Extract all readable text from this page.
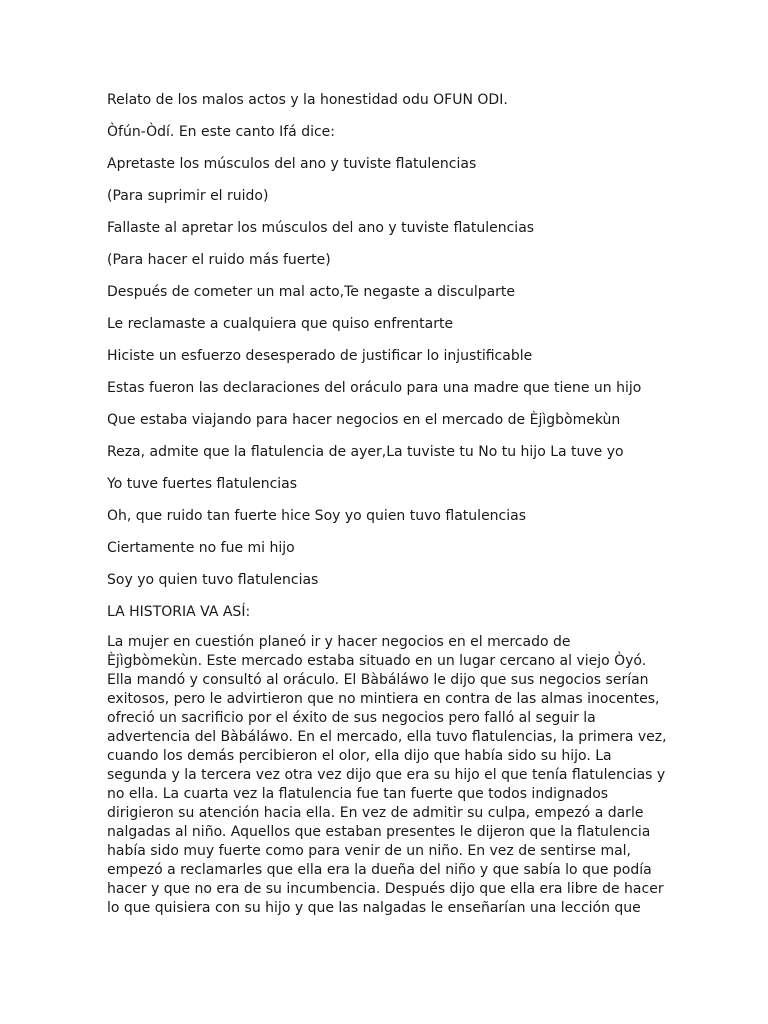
Relato de los malos actos y la honestidad odu OFUN ODI.
Òfún-Òdí. En este canto Ifá dice:
Apretaste los músculos del ano y tuviste flatulencias
(Para suprimir el ruido)
Fallaste al apretar los músculos del ano y tuviste flatulencias
(Para hacer el ruido más fuerte)
Después de cometer un mal acto,Te negaste a disculparte
Le reclamaste a cualquiera que quiso enfrentarte
Hiciste un esfuerzo desesperado de justificar lo injustificable
Estas fueron las declaraciones del oráculo para una madre que tiene un hijo
Que estaba viajando para hacer negocios en el mercado de Èjìgbòmekùn
Reza, admite que la flatulencia de ayer,La tuviste tu No tu hijo La tuve yo
Yo tuve fuertes flatulencias
Oh, que ruido tan fuerte hice Soy yo quien tuvo flatulencias
Ciertamente no fue mi hijo
Soy yo quien tuvo flatulencias
LA HISTORIA VA ASÍ:
La mujer en cuestión planeó ir y hacer negocios en el mercado de
Èjìgbòmekùn. Este mercado estaba situado en un lugar cercano al viejo Òyó.
Ella mandó y consultó al oráculo. El Bàbáláwo le dijo que sus negocios serían
exitosos, pero le advirtieron que no mintiera en contra de las almas inocentes,
ofreció un sacrificio por el éxito de sus negocios pero falló al seguir la
advertencia del Bàbáláwo. En el mercado, ella tuvo flatulencias, la primera vez,
cuando los demás percibieron el olor, ella dijo que había sido su hijo. La
segunda y la tercera vez otra vez dijo que era su hijo el que tenía flatulencias y
no ella. La cuarta vez la flatulencia fue tan fuerte que todos indignados
dirigieron su atención hacia ella. En vez de admitir su culpa, empezó a darle
nalgadas al niño. Aquellos que estaban presentes le dijeron que la flatulencia
había sido muy fuerte como para venir de un niño. En vez de sentirse mal,
empezó a reclamarles que ella era la dueña del niño y que sabía lo que podía
hacer y que no era de su incumbencia. Después dijo que ella era libre de hacer
lo que quisiera con su hijo y que las nalgadas le enseñarían una lección que
